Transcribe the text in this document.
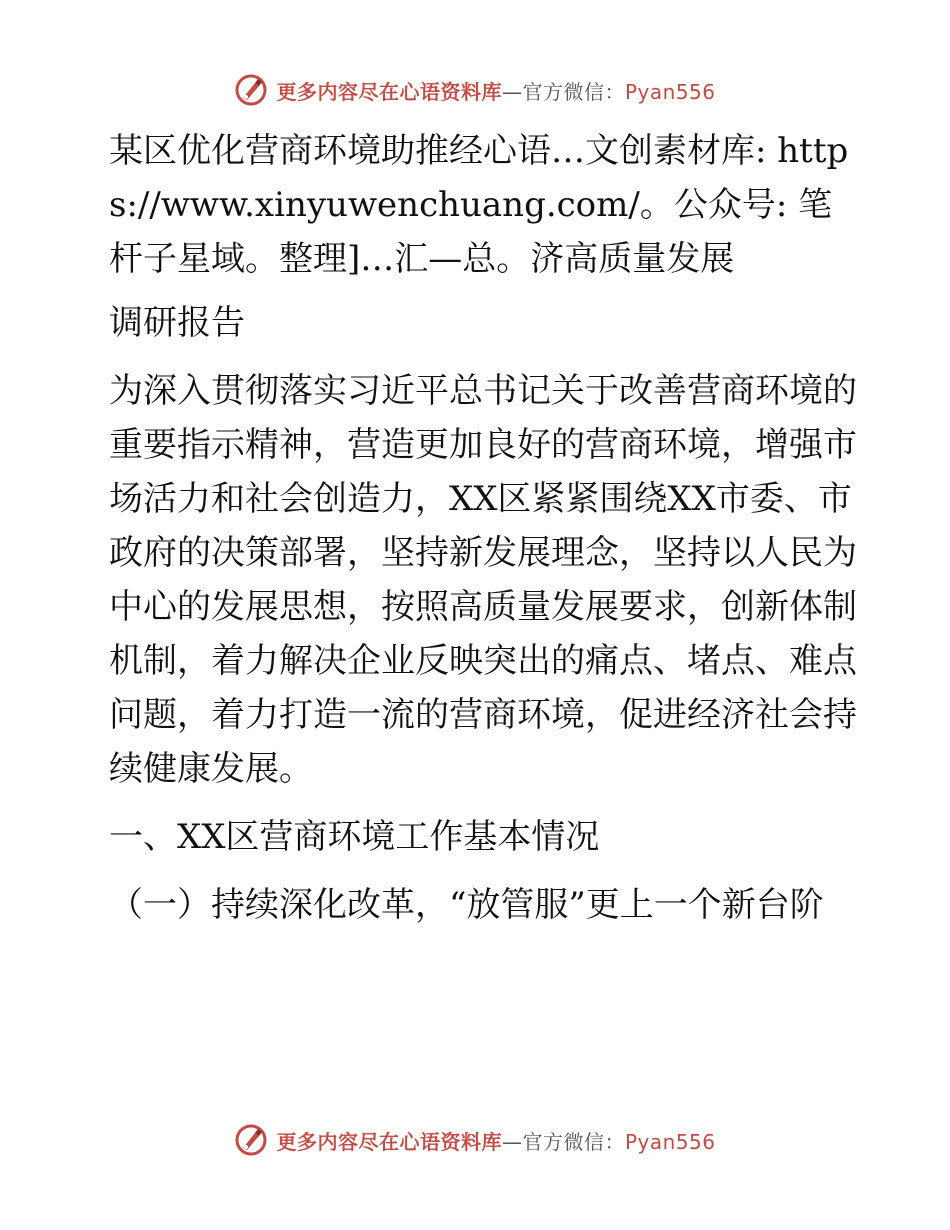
更多内容尽在心语资料库—官方微信：Pyan556

某区优化营商环境助推经心语…文创素材库: https://www.xinyuwenchuang.com/。公众号: 笔杆子星域。整理]…汇—总。济高质量发展

调研报告

为深入贯彻落实习近平总书记关于改善营商环境的重要指示精神，营造更加良好的营商环境，增强市场活力和社会创造力，XX区紧紧围绕XX市委、市政府的决策部署，坚持新发展理念，坚持以人民为中心的发展思想，按照高质量发展要求，创新体制机制，着力解决企业反映突出的痛点、堵点、难点问题，着力打造一流的营商环境，促进经济社会持续健康发展。

一、XX区营商环境工作基本情况

（一）持续深化改革，“放管服”更上一个新台阶

更多内容尽在心语资料库—官方微信：Pyan556
